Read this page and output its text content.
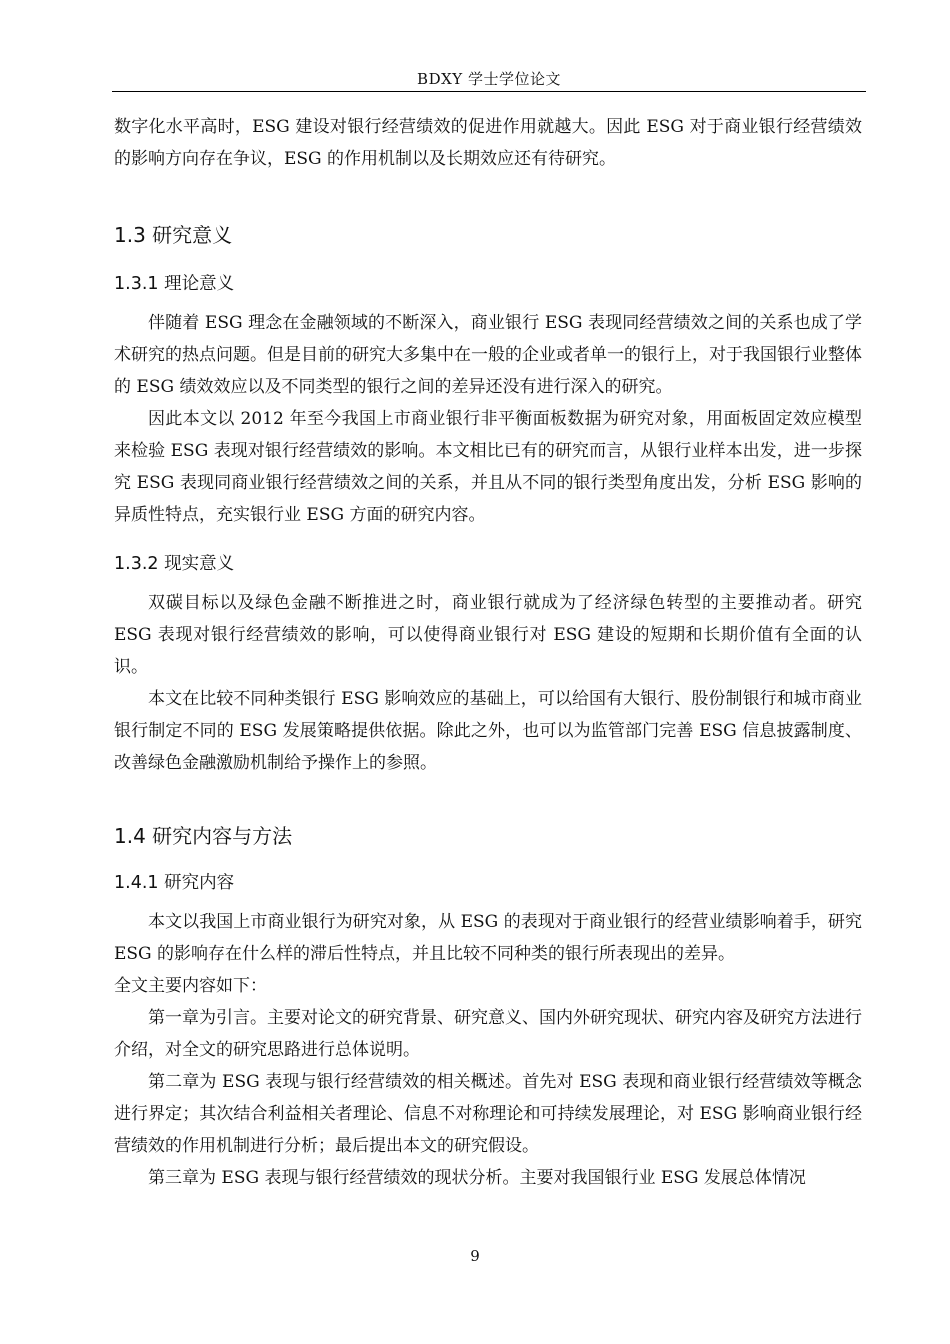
BDXY 学士学位论文

数字化水平高时，ESG 建设对银行经营绩效的促进作用就越大。因此 ESG 对于商业银行经营绩效的影响方向存在争议，ESG 的作用机制以及长期效应还有待研究。

1.3 研究意义
1.3.1 理论意义

伴随着 ESG 理念在金融领域的不断深入，商业银行 ESG 表现同经营绩效之间的关系也成了学术研究的热点问题。但是目前的研究大多集中在一般的企业或者单一的银行上，对于我国银行业整体的 ESG 绩效效应以及不同类型的银行之间的差异还没有进行深入的研究。

因此本文以 2012 年至今我国上市商业银行非平衡面板数据为研究对象，用面板固定效应模型来检验 ESG 表现对银行经营绩效的影响。本文相比已有的研究而言，从银行业样本出发，进一步探究 ESG 表现同商业银行经营绩效之间的关系，并且从不同的银行类型角度出发，分析 ESG 影响的异质性特点，充实银行业 ESG 方面的研究内容。

1.3.2 现实意义

双碳目标以及绿色金融不断推进之时，商业银行就成为了经济绿色转型的主要推动者。研究 ESG 表现对银行经营绩效的影响，可以使得商业银行对 ESG 建设的短期和长期价值有全面的认识。

本文在比较不同种类银行 ESG 影响效应的基础上，可以给国有大银行、股份制银行和城市商业银行制定不同的 ESG 发展策略提供依据。除此之外，也可以为监管部门完善 ESG 信息披露制度、改善绿色金融激励机制给予操作上的参照。

1.4 研究内容与方法
1.4.1 研究内容

本文以我国上市商业银行为研究对象，从 ESG 的表现对于商业银行的经营业绩影响着手，研究 ESG 的影响存在什么样的滞后性特点，并且比较不同种类的银行所表现出的差异。

全文主要内容如下：

第一章为引言。主要对论文的研究背景、研究意义、国内外研究现状、研究内容及研究方法进行介绍，对全文的研究思路进行总体说明。

第二章为 ESG 表现与银行经营绩效的相关概述。首先对 ESG 表现和商业银行经营绩效等概念进行界定；其次结合利益相关者理论、信息不对称理论和可持续发展理论，对 ESG 影响商业银行经营绩效的作用机制进行分析；最后提出本文的研究假设。

第三章为 ESG 表现与银行经营绩效的现状分析。主要对我国银行业 ESG 发展总体情况

9
